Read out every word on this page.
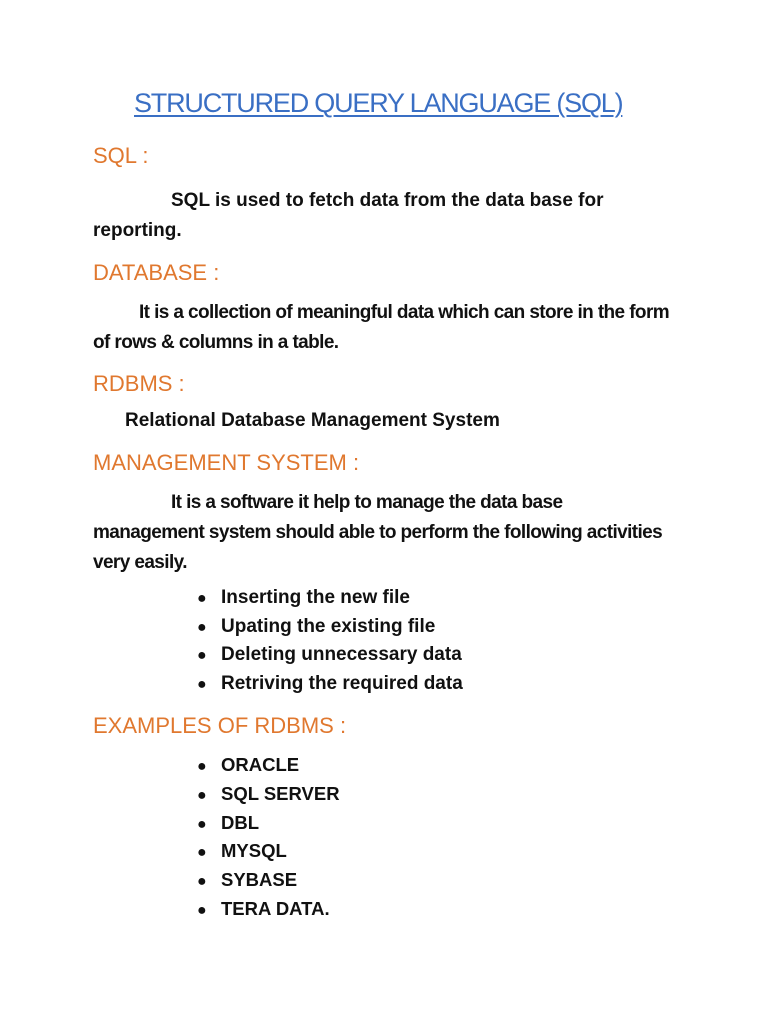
STRUCTURED QUERY LANGUAGE (SQL)
SQL :
SQL is used to fetch data from the data base for reporting.
DATABASE :
It is a collection of meaningful data which can store in the form of rows & columns in a table.
RDBMS :
Relational Database Management System
MANAGEMENT SYSTEM :
It is a software it help to manage the data base management system should able to perform the following activities very easily.
● Inserting the new file
● Upating the existing file
● Deleting unnecessary data
● Retriving the required data
EXAMPLES OF RDBMS :
● ORACLE
● SQL SERVER
● DBL
● MYSQL
● SYBASE
● TERA DATA.
